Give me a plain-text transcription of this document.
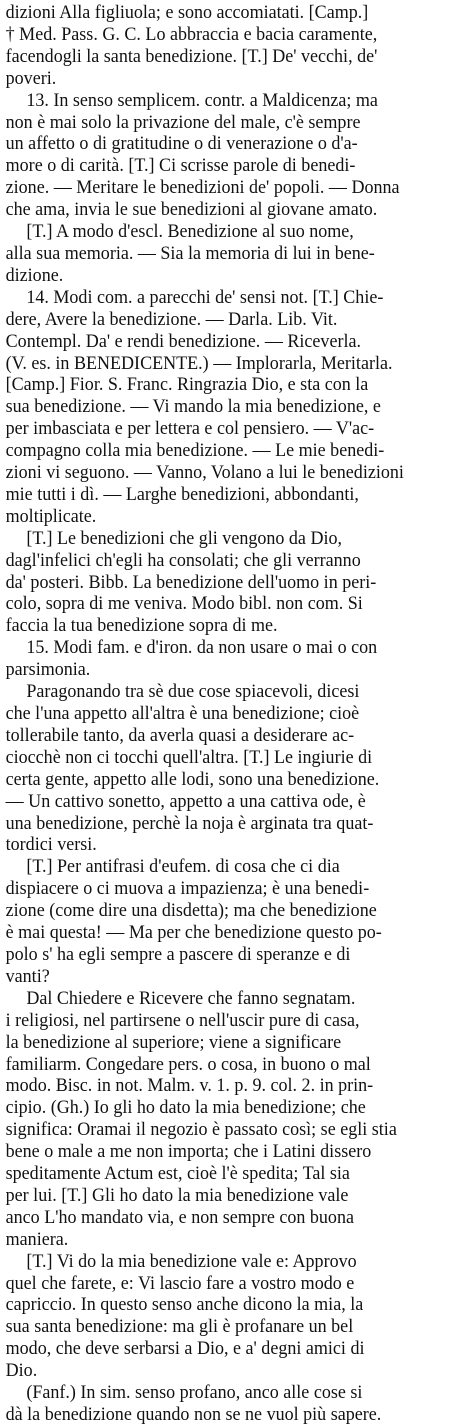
dizioni Alla figliuola; e sono accomiatati. [Camp.]
† Med. Pass. G. C. Lo abbraccia e bacia caramente,
facendogli la santa benedizione. [T.] De' vecchi, de'
poveri.
13. In senso semplicem. contr. a Maldicenza; ma
non è mai solo la privazione del male, c'è sempre
un affetto o di gratitudine o di venerazione o d'a-
more o di carità. [T.] Ci scrisse parole di benedi-
zione. — Meritare le benedizioni de' popoli. — Donna
che ama, invia le sue benedizioni al giovane amato.
[T.] A modo d'escl. Benedizione al suo nome,
alla sua memoria. — Sia la memoria di lui in bene-
dizione.
14. Modi com. a parecchi de' sensi not. [T.] Chie-
dere, Avere la benedizione. — Darla. Lib. Vit.
Contempl. Da' e rendi benedizione. — Riceverla.
(V. es. in BENEDICENTE.) — Implorarla, Meritarla.
[Camp.] Fior. S. Franc. Ringrazia Dio, e sta con la
sua benedizione. — Vi mando la mia benedizione, e
per imbasciata e per lettera e col pensiero. — V'ac-
compagno colla mia benedizione. — Le mie benedi-
zioni vi seguono. — Vanno, Volano a lui le benedizioni
mie tutti i dì. — Larghe benedizioni, abbondanti,
moltiplicate.
[T.] Le benedizioni che gli vengono da Dio,
dagl'infelici ch'egli ha consolati; che gli verranno
da' posteri. Bibb. La benedizione dell'uomo in peri-
colo, sopra di me veniva. Modo bibl. non com. Si
faccia la tua benedizione sopra di me.
15. Modi fam. e d'iron. da non usare o mai o con
parsimonia.
Paragonando tra sè due cose spiacevoli, dicesi
che l'una appetto all'altra è una benedizione; cioè
tollerabile tanto, da averla quasi a desiderare ac-
ciocchè non ci tocchi quell'altra. [T.] Le ingiurie di
certa gente, appetto alle lodi, sono una benedizione.
— Un cattivo sonetto, appetto a una cattiva ode, è
una benedizione, perchè la noja è arginata tra quat-
tordici versi.
[T.] Per antifrasi d'eufem. di cosa che ci dia
dispiacere o ci muova a impazienza; è una benedi-
zione (come dire una disdetta); ma che benedizione
è mai questa! — Ma per che benedizione questo po-
polo s' ha egli sempre a pascere di speranze e di
vanti?
Dal Chiedere e Ricevere che fanno segnatam.
i religiosi, nel partirsene o nell'uscir pure di casa,
la benedizione al superiore; viene a significare
familiarm. Congedare pers. o cosa, in buono o mal
modo. Bisc. in not. Malm. v. 1. p. 9. col. 2. in prin-
cipio. (Gh.) Io gli ho dato la mia benedizione; che
significa: Oramai il negozio è passato così; se egli stia
bene o male a me non importa; che i Latini dissero
speditamente Actum est, cioè l'è spedita; Tal sia
per lui. [T.] Gli ho dato la mia benedizione vale
anco L'ho mandato via, e non sempre con buona
maniera.
[T.] Vi do la mia benedizione vale e: Approvo
quel che farete, e: Vi lascio fare a vostro modo e
capriccio. In questo senso anche dicono la mia, la
sua santa benedizione: ma gli è profanare un bel
modo, che deve serbarsi a Dio, e a' degni amici di
Dio.
(Fanf.) In sim. senso profano, anco alle cose si
dà la benedizione quando non se ne vuol più sapere.
